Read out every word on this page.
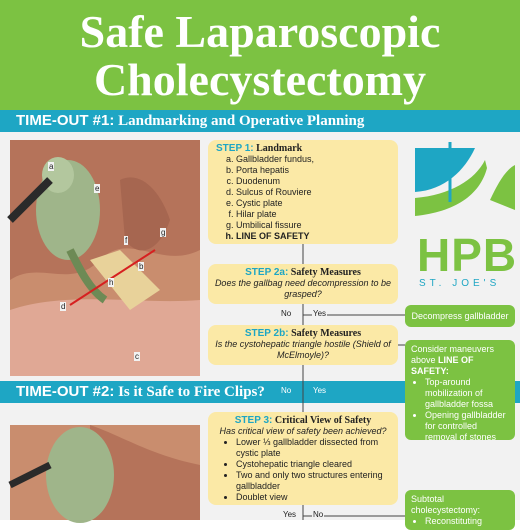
Safe Laparoscopic
Cholecystectomy
TIME-OUT #1: Landmarking and Operative Planning
TIME-OUT #2: Is it Safe to Fire Clips?
a
e
f
g
b
h
d
c
STEP 1: Landmark
a. Gallbladder fundus,
b. Porta hepatis
c. Duodenum
d. Sulcus of Rouviere
e. Cystic plate
f. Hilar plate
g. Umbilical fissure
h. LINE OF SAFETY
STEP 2a: Safety Measures
Does the gallbag need decompression to be grasped?
STEP 2b: Safety Measures
Is the cystohepatic triangle hostile (Shield of McElmoyle)?
STEP 3: Critical View of Safety
Has critical view of safety been achieved?
• Lower ⅓ gallbladder dissected from cystic plate
• Cystohepatic triangle cleared
• Two and only two structures entering gallbladder
• Doublet view
No	Yes
No	Yes
Yes No
Decompress gallbladder
Consider maneuvers above LINE OF SAFETY:
• Top-around mobilization of gallbladder fossa
• Opening gallbladder for controlled removal of stones
Subtotal cholecystectomy:
• Reconstituting
HPB
ST. JOE'S
